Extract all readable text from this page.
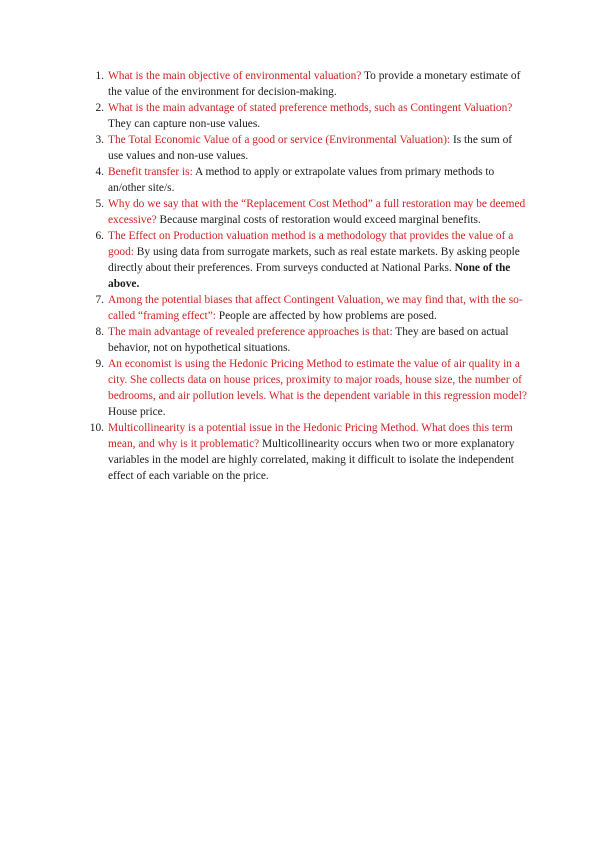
1. What is the main objective of environmental valuation? To provide a monetary estimate of the value of the environment for decision-making.
2. What is the main advantage of stated preference methods, such as Contingent Valuation? They can capture non-use values.
3. The Total Economic Value of a good or service (Environmental Valuation): Is the sum of use values and non-use values.
4. Benefit transfer is: A method to apply or extrapolate values from primary methods to an/other site/s.
5. Why do we say that with the “Replacement Cost Method” a full restoration may be deemed excessive? Because marginal costs of restoration would exceed marginal benefits.
6. The Effect on Production valuation method is a methodology that provides the value of a good: By using data from surrogate markets, such as real estate markets. By asking people directly about their preferences. From surveys conducted at National Parks. None of the above.
7. Among the potential biases that affect Contingent Valuation, we may find that, with the so-called “framing effect”: People are affected by how problems are posed.
8. The main advantage of revealed preference approaches is that: They are based on actual behavior, not on hypothetical situations.
9. An economist is using the Hedonic Pricing Method to estimate the value of air quality in a city. She collects data on house prices, proximity to major roads, house size, the number of bedrooms, and air pollution levels. What is the dependent variable in this regression model? House price.
10. Multicollinearity is a potential issue in the Hedonic Pricing Method. What does this term mean, and why is it problematic? Multicollinearity occurs when two or more explanatory variables in the model are highly correlated, making it difficult to isolate the independent effect of each variable on the price.
